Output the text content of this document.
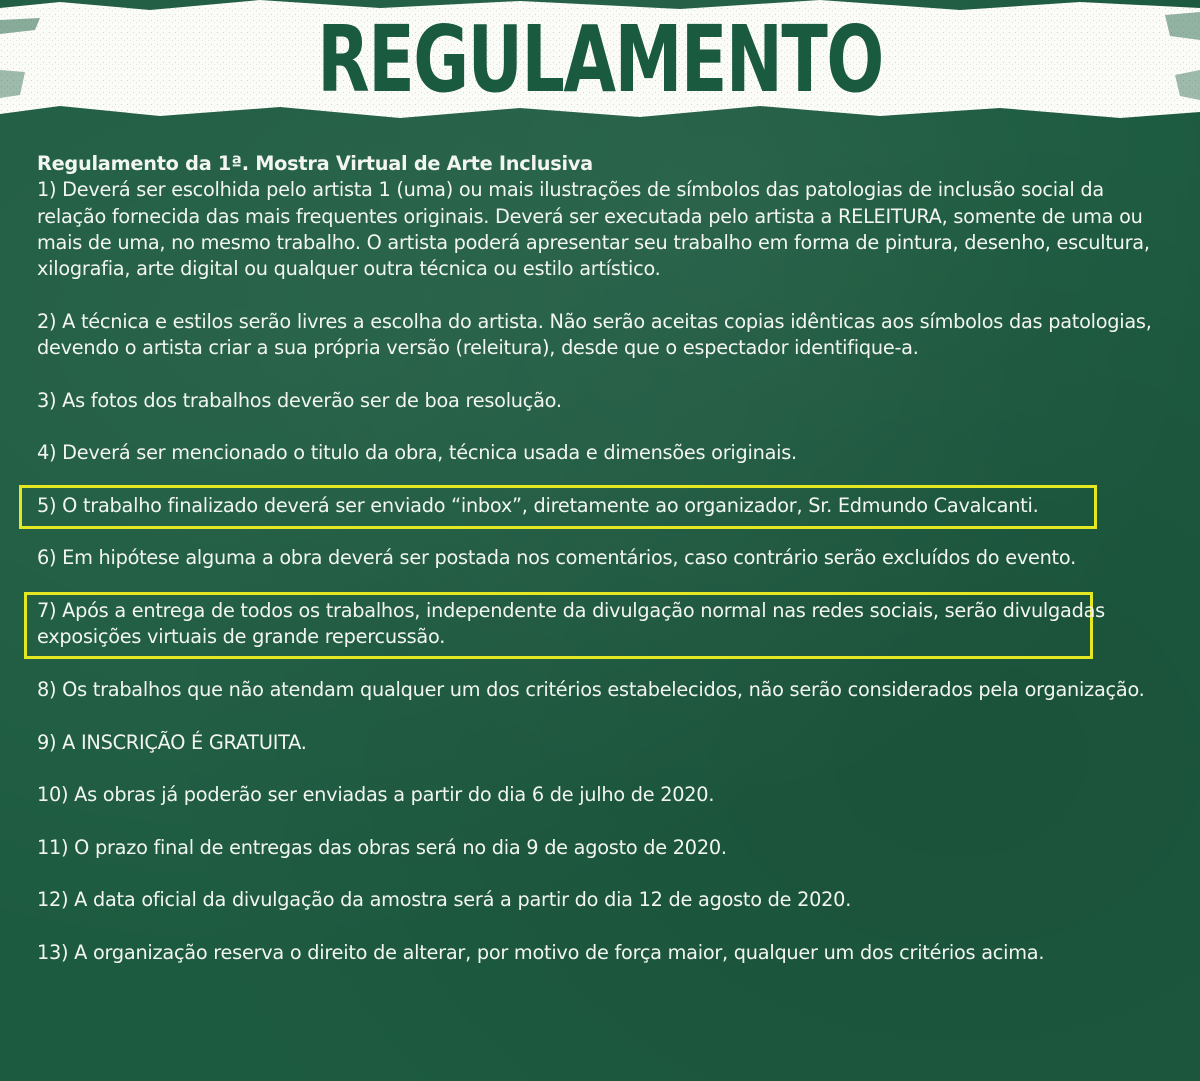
REGULAMENTO

Regulamento da 1ª. Mostra Virtual de Arte Inclusiva

1) Deverá ser escolhida pelo artista 1 (uma) ou mais ilustrações de símbolos das patologias de inclusão social da relação fornecida das mais frequentes originais. Deverá ser executada pelo artista a RELEITURA, somente de uma ou mais de uma, no mesmo trabalho. O artista poderá apresentar seu trabalho em forma de pintura, desenho, escultura, xilografia, arte digital ou qualquer outra técnica ou estilo artístico.

2) A técnica e estilos serão livres a escolha do artista. Não serão aceitas copias idênticas aos símbolos das patologias, devendo o artista criar a sua própria versão (releitura), desde que o espectador identifique-a.

3) As fotos dos trabalhos deverão ser de boa resolução.

4) Deverá ser mencionado o titulo da obra, técnica usada e dimensões originais.

5) O trabalho finalizado deverá ser enviado “inbox”, diretamente ao organizador, Sr. Edmundo Cavalcanti.

6) Em hipótese alguma a obra deverá ser postada nos comentários, caso contrário serão excluídos do evento.

7) Após a entrega de todos os trabalhos, independente da divulgação normal nas redes sociais, serão divulgadas exposições virtuais de grande repercussão.

8) Os trabalhos que não atendam qualquer um dos critérios estabelecidos, não serão considerados pela organização.

9) A INSCRIÇÃO É GRATUITA.

10) As obras já poderão ser enviadas a partir do dia 6 de julho de 2020.

11) O prazo final de entregas das obras será no dia 9 de agosto de 2020.

12) A data oficial da divulgação da amostra será a partir do dia 12 de agosto de 2020.

13) A organização reserva o direito de alterar, por motivo de força maior, qualquer um dos critérios acima.
